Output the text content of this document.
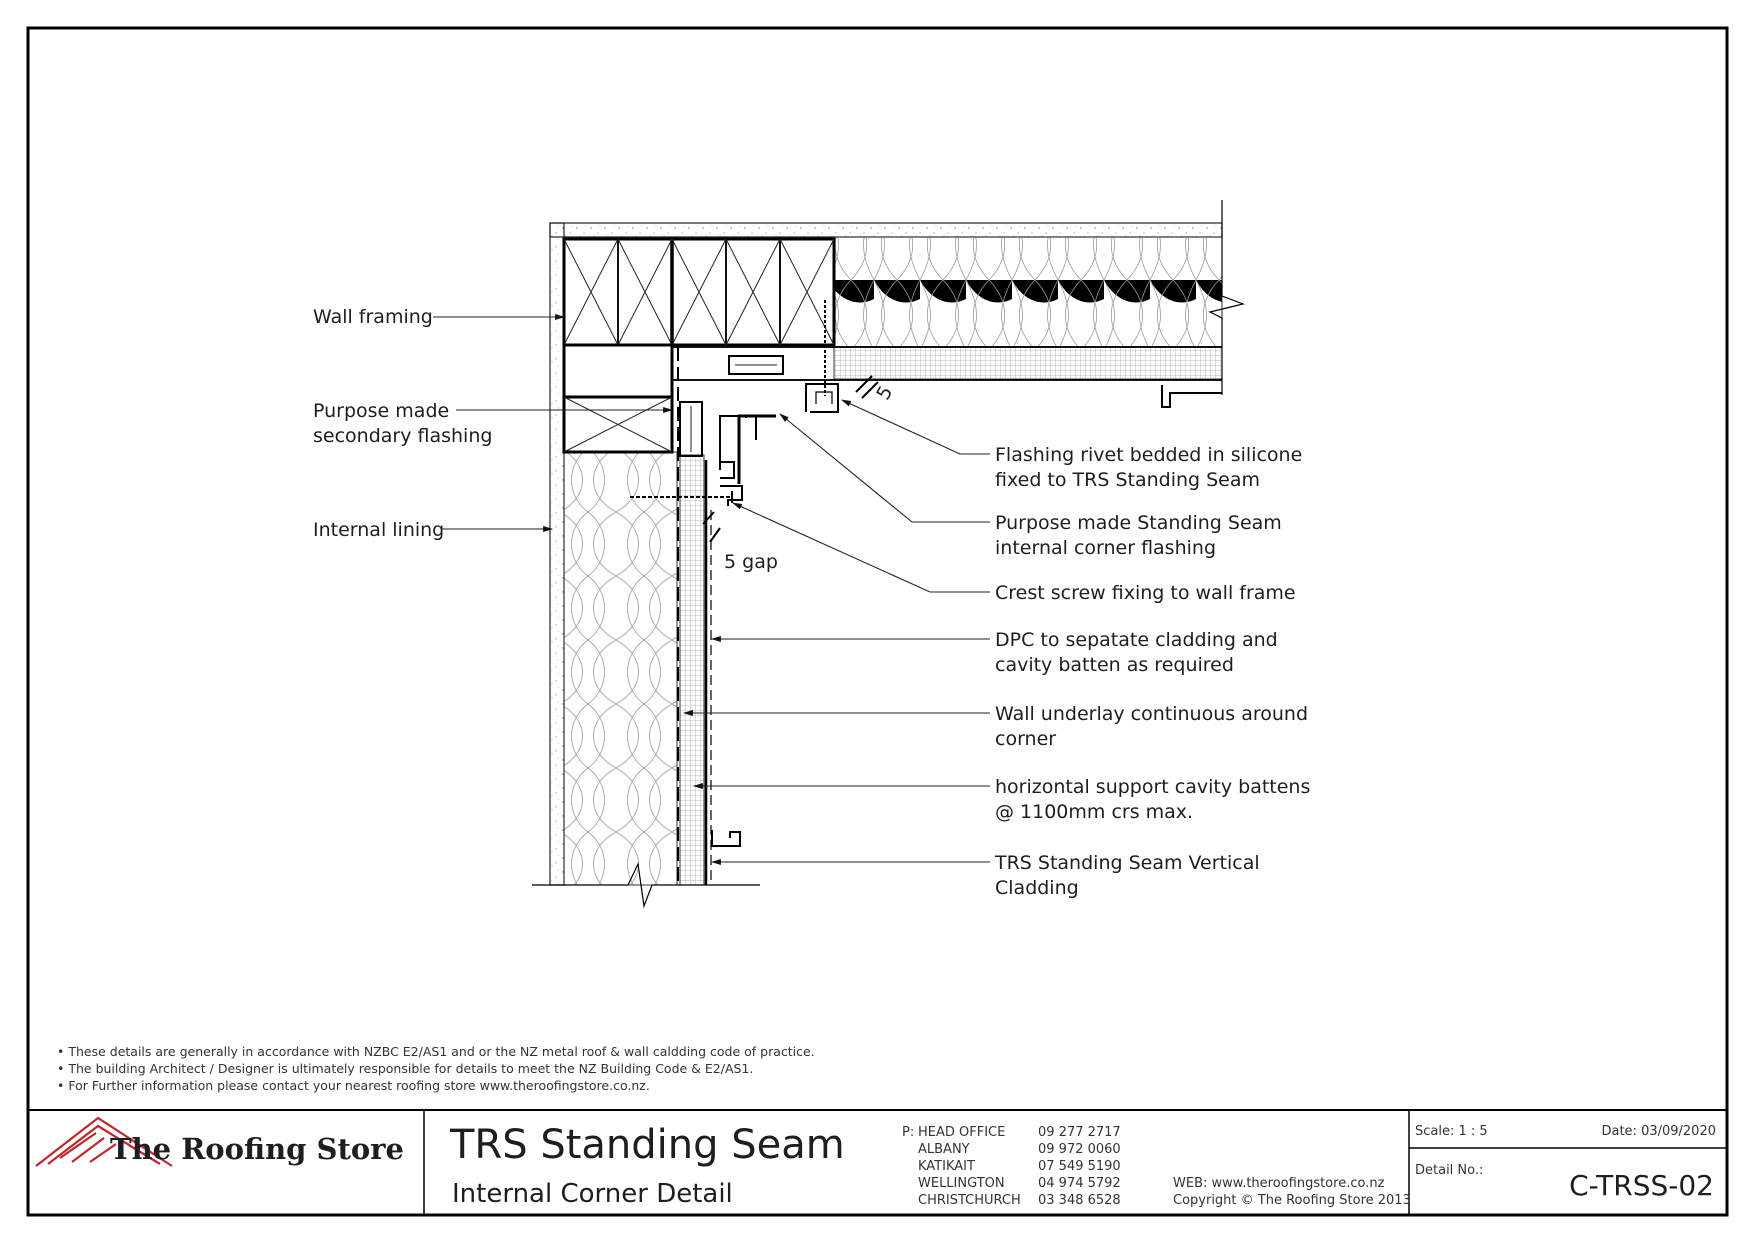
Wall framing
Purpose made
secondary flashing
Internal lining
Flashing rivet bedded in silicone
fixed to TRS Standing Seam
Purpose made Standing Seam
internal corner flashing
Crest screw fixing to wall frame
DPC to sepatate cladding and
cavity batten as required
Wall underlay continuous around
corner
horizontal support cavity battens
@ 1100mm crs max.
TRS Standing Seam Vertical
Cladding
5 gap
5
• These details are generally in accordance with NZBC E2/AS1 and or the NZ metal roof & wall caldding code of practice.
• The building Architect / Designer is ultimately responsible for details to meet the NZ Building Code & E2/AS1.
• For Further information please contact your nearest roofing store www.theroofingstore.co.nz.
The Roofing Store TRS Standing Seam
Internal Corner Detail
P: HEAD OFFICE
ALBANY
KATIKAIT
WELLINGTON
CHRISTCHURCH
09 277 2717
09 972 0060
07 549 5190
04 974 5792
03 348 6528
WEB: www.theroofingstore.co.nz
Copyright © The Roofing Store 2013
Scale: 1 : 5	Date: 03/09/2020
Detail No.:	C-TRSS-02
